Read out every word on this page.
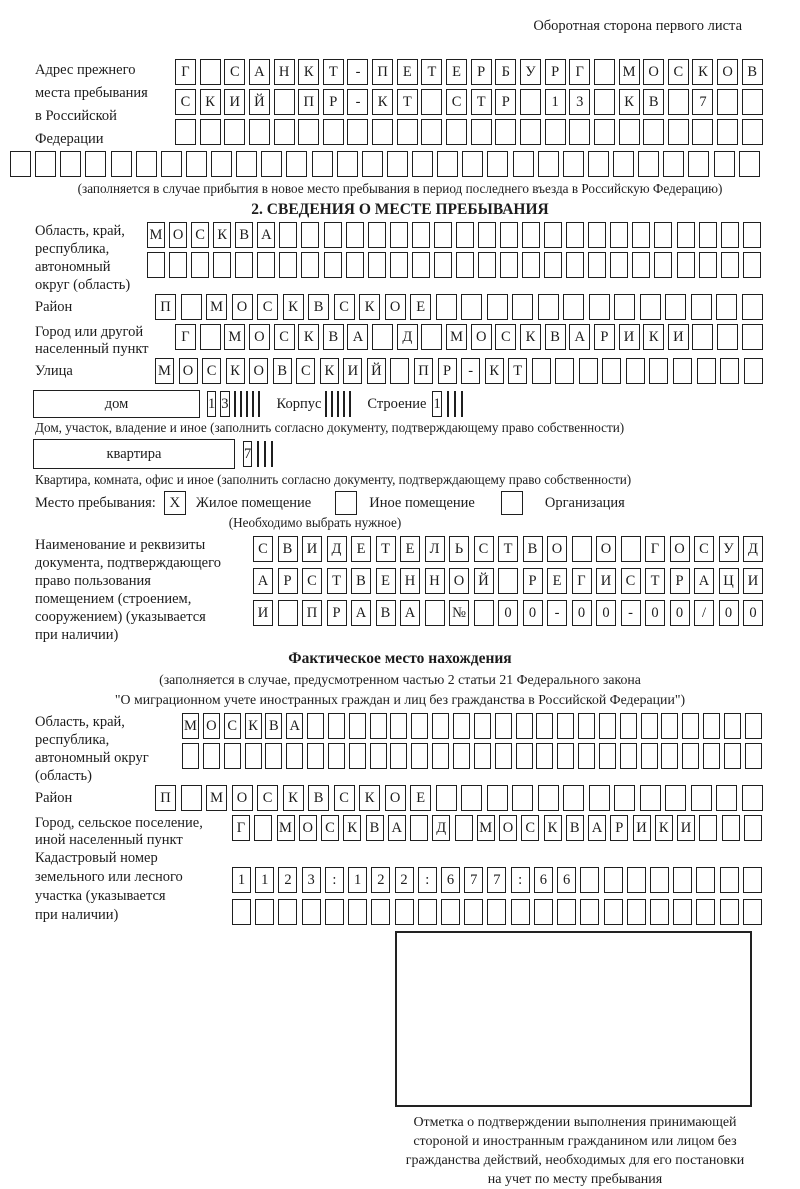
Оборотная сторона первого листа
Адрес прежнего
места пребывания
в Российской
Федерации
Г	С	А Н	К	Т	-	П	Е	Т	Е	Р	Б	У	Р	Г	М О	С	К	О	В
С	К	И Й	П	Р	-	К	Т	С	Т	Р	1	3	К	В	7
(заполняется в случае прибытия в новое место пребывания в период последнего въезда в Российскую Федерацию)
2. СВЕДЕНИЯ О МЕСТЕ ПРЕБЫВАНИЯ
Область, край,
республика,
автономный
округ (область)
М О С К В А
Район	П	М О	С	К	В	С	К	О	Е
Город или другой
населенный пункт
Г	М О	С	К	В	А	Д	М О	С	К	В	А	Р	И	К	И
Улица	М О С К О В С К И Й	П Р	-	К Т
дом	1 3	Корпус	Строение 1
Дом, участок, владение и иное (заполнить согласно документу, подтверждающему право собственности)
квартира	7
Квартира, комната, офис и иное (заполнить согласно документу, подтверждающему право собственности)
Место пребывания: X	Жилое помещение	Иное помещение	Организация
(Необходимо выбрать нужное)
Наименование и реквизиты
документа, подтверждающего
право пользования
помещением (строением,
сооружением) (указывается
при наличии)
С	В И Д	Е	Т	Е	Л	Ь	С	Т	В О	О	Г	О С	У Д
А	Р	С	Т	В	Е	Н Н О Й	Р	Е	Г	И С	Т	Р	А Ц И
И	П	Р	А В А	№	0	0	-	0	0	-	0	0	/	0	0
Фактическое место нахождения
(заполняется в случае, предусмотренном частью 2 статьи 21 Федерального закона
"О миграционном учете иностранных граждан и лиц без гражданства в Российской Федерации")
Область, край,
республика,
автономный округ
(область)
М О С К В А
Район	П	М О	С	К	В	С	К	О	Е
Город, сельское поселение,
иной населенный пункт
Г	М О С К В А Д М О С К В А Р И К И
Кадастровый номер
земельного или лесного
участка (указывается
при наличии)
1	1	2	3	:	1	2	2	:	6	7	7	:	6	6
Отметка о подтверждении выполнения принимающей
стороной и иностранным гражданином или лицом без
гражданства действий, необходимых для его постановки
на учет по месту пребывания
